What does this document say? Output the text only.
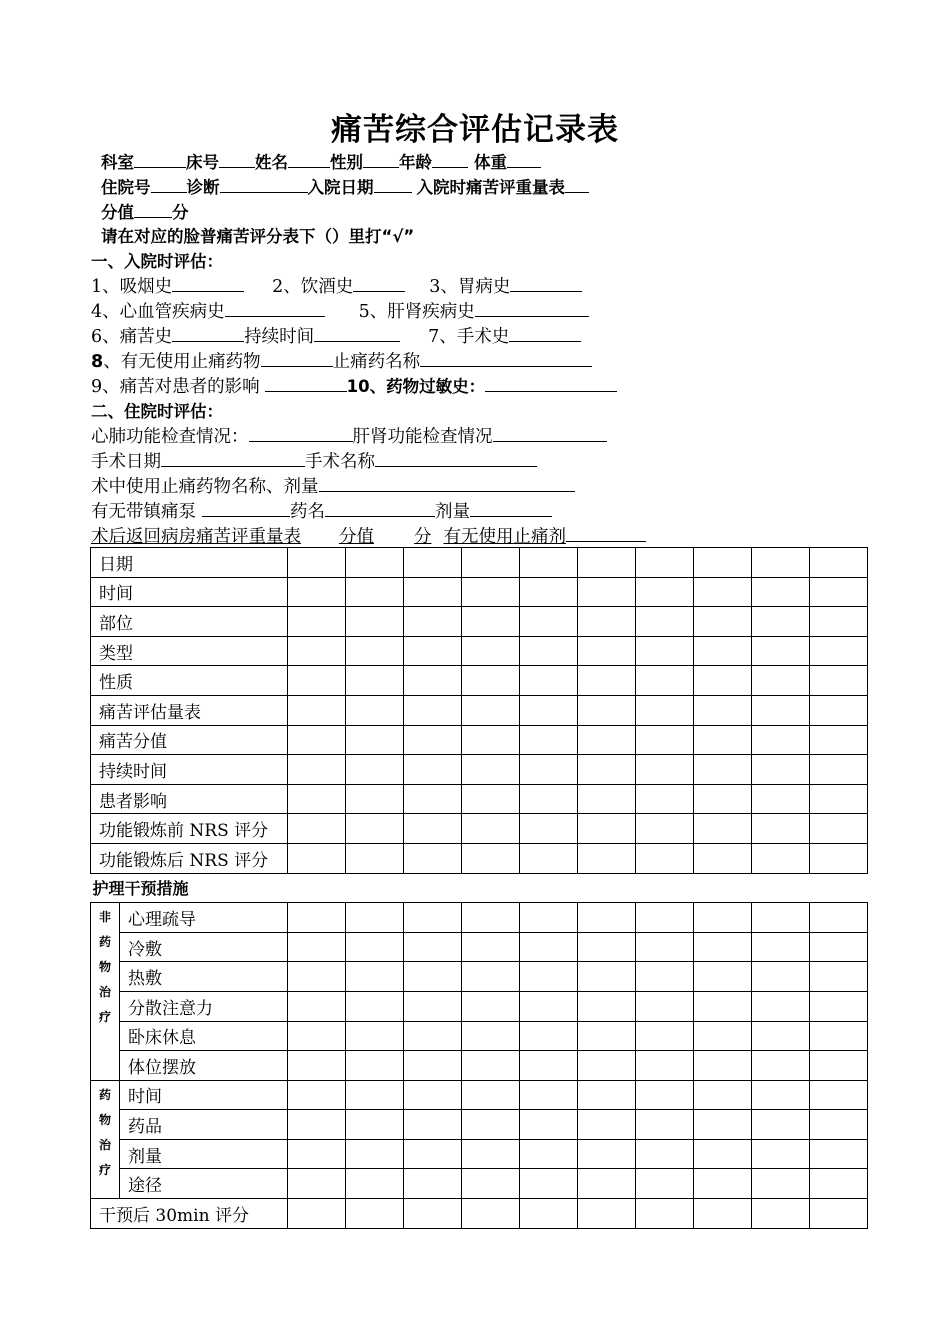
痛苦综合评估记录表
科室	床号 姓名	性别 年龄	体重
住院号 诊断	入院日期	入院时痛苦评重量表
分值 分
请在对应的脸普痛苦评分表下（）里打“√”
一、入院时评估：
1、吸烟史	2、饮酒史	3、胃病史
4、心血管疾病史	5、肝肾疾病史
6、痛苦史	持续时间	7、手术史
8、有无使用止痛药物	止痛药名称
9、痛苦对患者的影响	10、药物过敏史：
二、住院时评估：
心肺功能检查情况：	肝肾功能检查情况
手术日期	手术名称
术中使用止痛药物名称、剂量
有无带镇痛泵	药名	剂量
术后返回病房痛苦评重量表 分值 分 有无使用止痛剂
日期											
时间											
部位											
类型											
性质											
痛苦评估量表											
痛苦分值											
持续时间											
患者影响											
功能锻炼前 NRS 评分											
功能锻炼后 NRS 评分											
护理干预措施											

非
药
物
治
疗	心理疏导										
	冷敷										
	热敷										
	分散注意力										
	卧床休息										
	体位摆放										

药
物
治
疗	时间										
	药品										
	剂量										
	途径										
干预后 30min 评分											
